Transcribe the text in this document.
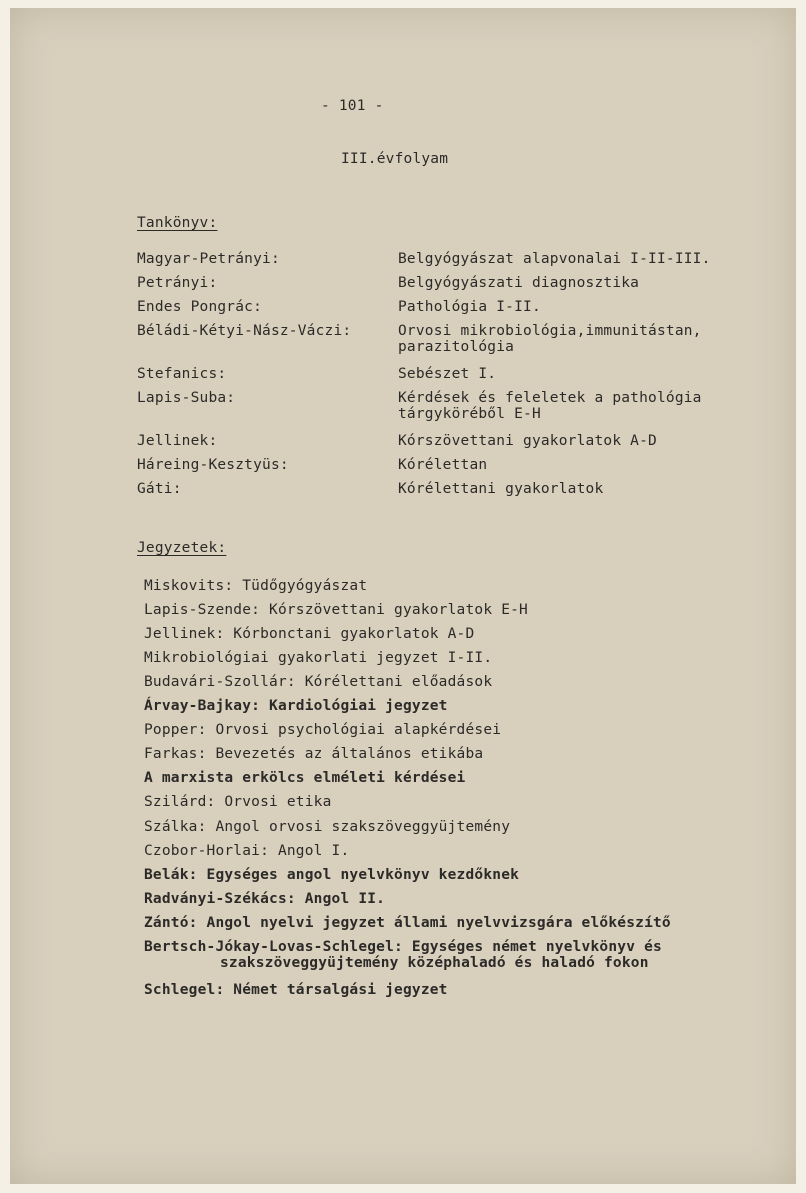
- 101 -
III.évfolyam
Tankönyv:
Magyar-Petrányi:	Belgyógyászat alapvonalai I-II-III.
Petrányi:	Belgyógyászati diagnosztika
Endes Pongrác:	Pathológia I-II.
Béládi-Kétyi-Nász-Váczi:	Orvosi mikrobiológia,immunitástan,
parazitológia
Stefanics:	Sebészet I.
Lapis-Suba:	Kérdések és feleletek a pathológia
tárgyköréből E-H
Jellinek:	Kórszövettani gyakorlatok A-D
Háreing-Kesztyüs:	Kórélettan
Gáti:	Kórélettani gyakorlatok
Jegyzetek:
Miskovits: Tüdőgyógyászat
Lapis-Szende: Kórszövettani gyakorlatok E-H
Jellinek: Kórbonctani gyakorlatok A-D
Mikrobiológiai gyakorlati jegyzet I-II.
Budavári-Szollár: Kórélettani előadások
Árvay-Bajkay: Kardiológiai jegyzet
Popper: Orvosi psychológiai alapkérdései
Farkas: Bevezetés az általános etikába
A marxista erkölcs elméleti kérdései
Szilárd: Orvosi etika
Szálka: Angol orvosi szakszöveggyüjtemény
Czobor-Horlai: Angol I.
Belák: Egységes angol nyelvkönyv kezdőknek
Radványi-Székács: Angol II.
Zántó: Angol nyelvi jegyzet állami nyelvvizsgára előkészítő
Bertsch-Jókay-Lovas-Schlegel: Egységes német nyelvkönyv és
szakszöveggyüjtemény középhaladó és haladó fokon
Schlegel: Német társalgási jegyzet
